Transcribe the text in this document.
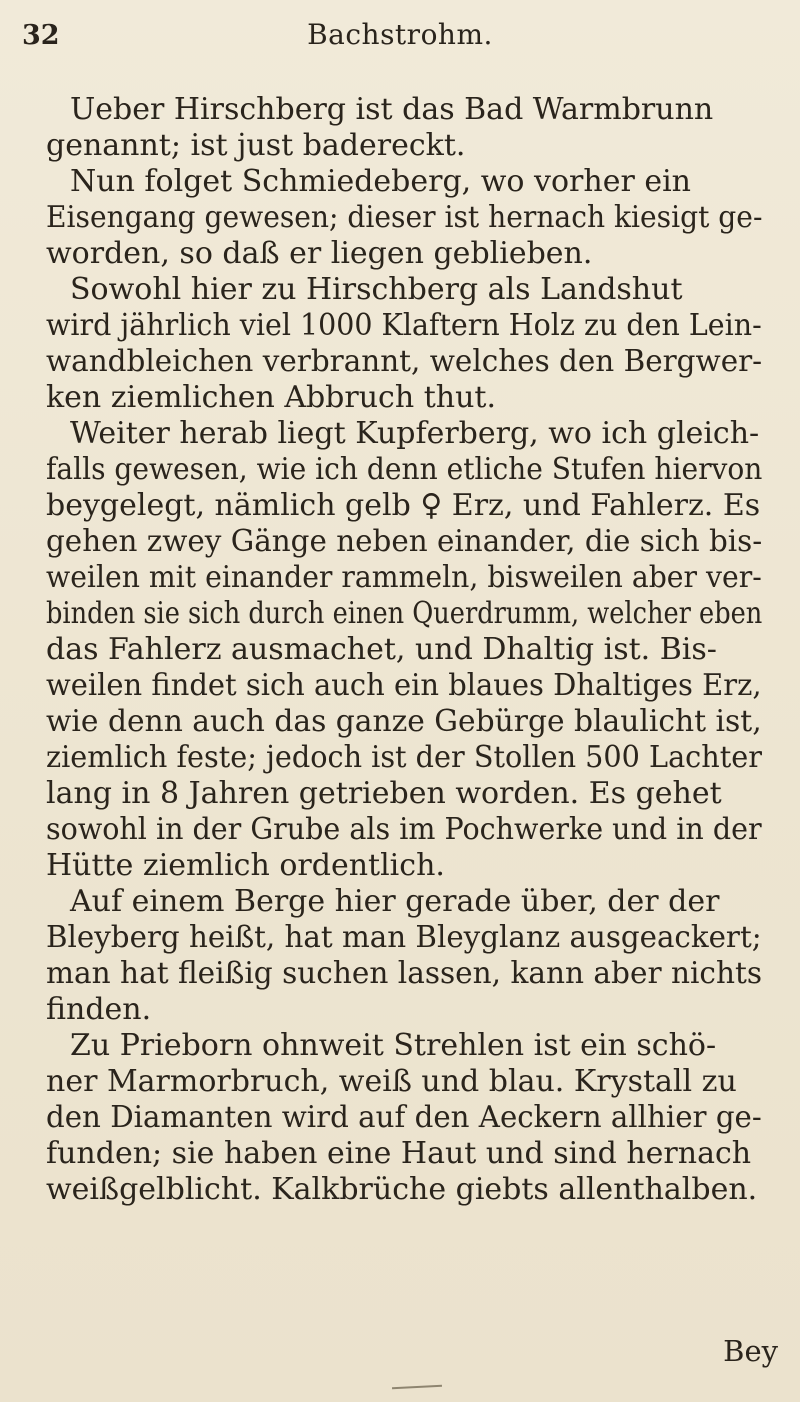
32	Bachstrohm.
Ueber Hirschberg ist das Bad Warmbrunn
genannt; ist just badereckt.
Nun folget Schmiedeberg, wo vorher ein
Eisengang gewesen; dieser ist hernach kiesigt ge-
worden, so daß er liegen geblieben.
Sowohl hier zu Hirschberg als Landshut
wird jährlich viel 1000 Klaftern Holz zu den Lein-
wandbleichen verbrannt, welches den Bergwer-
ken ziemlichen Abbruch thut.
Weiter herab liegt Kupferberg, wo ich gleich-
falls gewesen, wie ich denn etliche Stufen hiervon
beygelegt, nämlich gelb ♀ Erz, und Fahlerz. Es
gehen zwey Gänge neben einander, die sich bis-
weilen mit einander rammeln, bisweilen aber ver-
binden sie sich durch einen Querdrumm, welcher eben
das Fahlerz ausmachet, und Dhaltig ist. Bis-
weilen findet sich auch ein blaues Dhaltiges Erz,
wie denn auch das ganze Gebürge blaulicht ist,
ziemlich feste; jedoch ist der Stollen 500 Lachter
lang in 8 Jahren getrieben worden. Es gehet
sowohl in der Grube als im Pochwerke und in der
Hütte ziemlich ordentlich.
Auf einem Berge hier gerade über, der der
Bleyberg heißt, hat man Bleyglanz ausgeackert;
man hat fleißig suchen lassen, kann aber nichts
finden.
Zu Prieborn ohnweit Strehlen ist ein schö-
ner Marmorbruch, weiß und blau. Krystall zu
den Diamanten wird auf den Aeckern allhier ge-
funden; sie haben eine Haut und sind hernach
weißgelblicht. Kalkbrüche giebts allenthalben.
Bey
